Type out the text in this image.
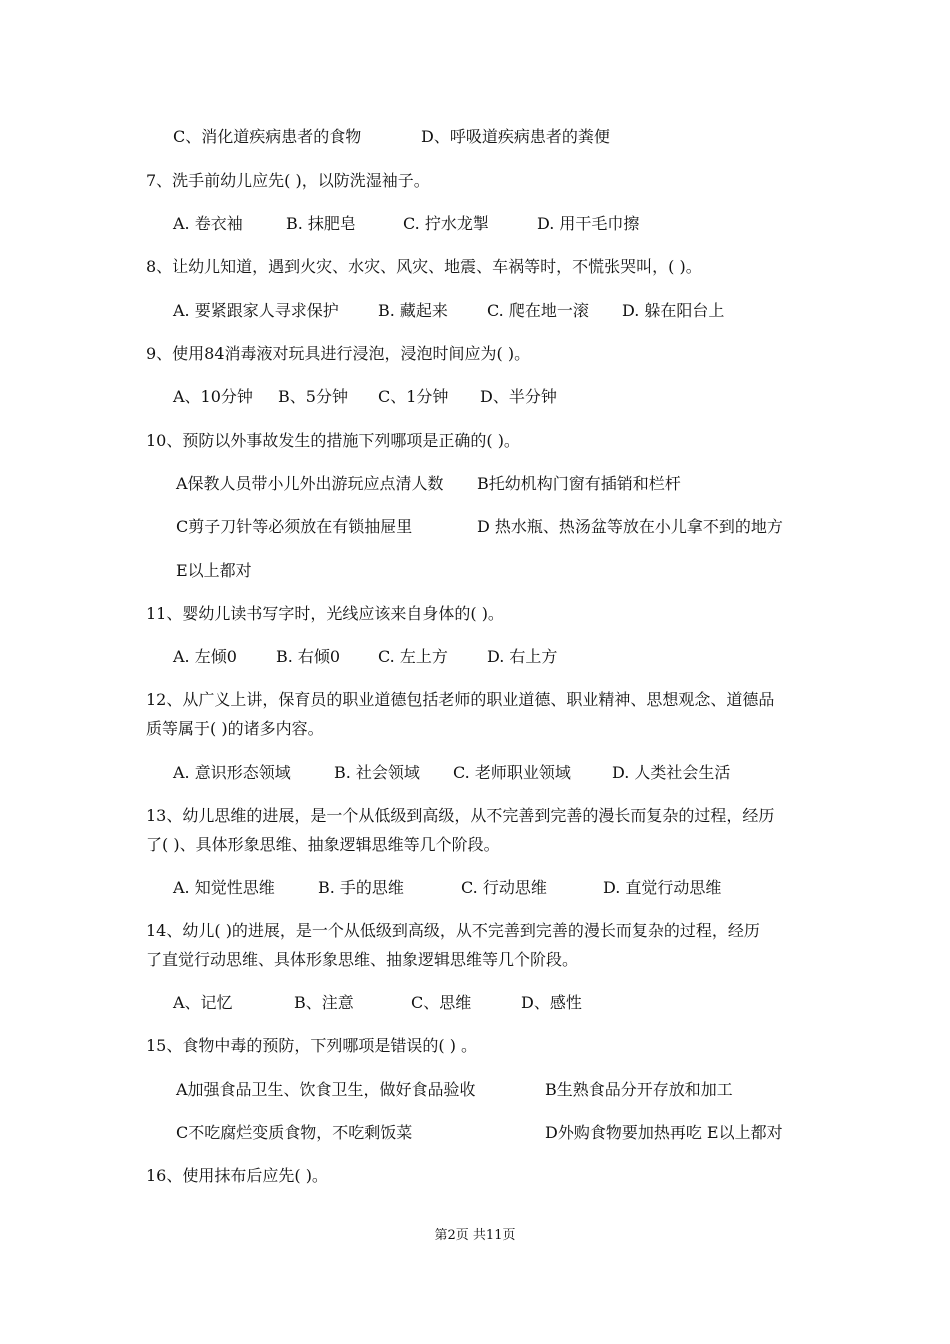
C、消化道疾病患者的食物	D、呼吸道疾病患者的粪便
7、洗手前幼儿应先( )，以防洗湿袖子。
A. 卷衣袖	B. 抹肥皂	C. 拧水龙掣	D. 用干毛巾擦
8、让幼儿知道，遇到火灾、水灾、风灾、地震、车祸等时，不慌张哭叫，( )。
A. 要紧跟家人寻求保护 B. 藏起来 C. 爬在地一滚 D. 躲在阳台上
9、使用84消毒液对玩具进行浸泡，浸泡时间应为( )。
A、10分钟 B、5分钟 C、1分钟 D、半分钟
10、预防以外事故发生的措施下列哪项是正确的( )。
A保教人员带小儿外出游玩应点清人数 B托幼机构门窗有插销和栏杆
C剪子刀针等必须放在有锁抽屉里	D 热水瓶、热汤盆等放在小儿拿不到的地方
E以上都对
11、婴幼儿读书写字时，光线应该来自身体的( )。
A. 左倾0 B. 右倾0 C. 左上方 D. 右上方
12、从广义上讲，保育员的职业道德包括老师的职业道德、职业精神、思想观念、道德品
质等属于( )的诸多内容。
A. 意识形态领域	B. 社会领域 C. 老师职业领域	D. 人类社会生活
13、幼儿思维的进展，是一个从低级到高级，从不完善到完善的漫长而复杂的过程，经历
了( )、具体形象思维、抽象逻辑思维等几个阶段。
A. 知觉性思维	B. 手的思维	C. 行动思维	D. 直觉行动思维
14、幼儿( )的进展，是一个从低级到高级，从不完善到完善的漫长而复杂的过程，经历
了直觉行动思维、具体形象思维、抽象逻辑思维等几个阶段。
A、记忆	B、注意	C、思维	D、感性
15、食物中毒的预防，下列哪项是错误的( ) 。
A加强食品卫生、饮食卫生，做好食品验收	B生熟食品分开存放和加工
C不吃腐烂变质食物，不吃剩饭菜	D外购食物要加热再吃 E以上都对
16、使用抹布后应先( )。
第2页 共11页
